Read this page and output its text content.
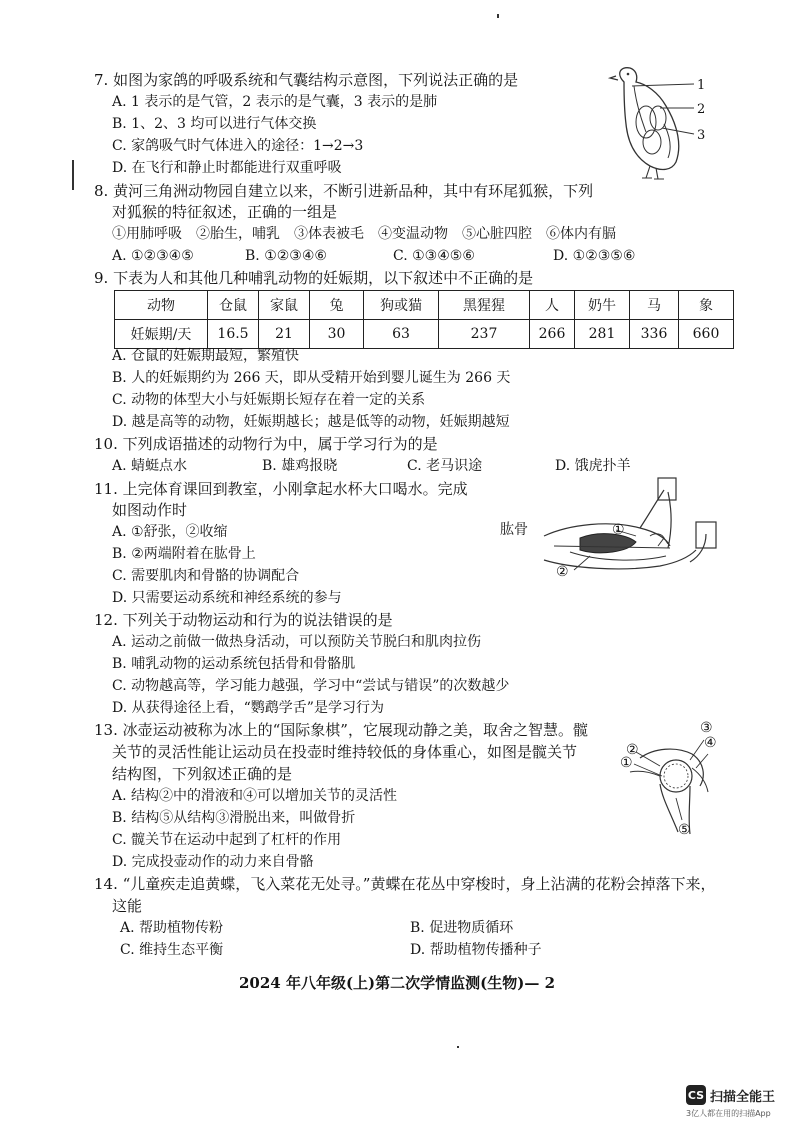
7. 如图为家鸽的呼吸系统和气囊结构示意图，下列说法正确的是
A. 1 表示的是气管，2 表示的是气囊，3 表示的是肺
B. 1、2、3 均可以进行气体交换
C. 家鸽吸气时气体进入的途径：1→2→3
D. 在飞行和静止时都能进行双重呼吸
1
2
3
8. 黄河三角洲动物园自建立以来，不断引进新品种，其中有环尾狐猴，下列
对狐猴的特征叙述，正确的一组是
①用肺呼吸　②胎生，哺乳　③体表被毛　④变温动物　⑤心脏四腔　⑥体内有膈
A. ①②③④⑤	B. ①②③④⑥	C. ①③④⑤⑥	D. ①②③⑤⑥
9. 下表为人和其他几种哺乳动物的妊娠期，以下叙述中不正确的是
动物	仓鼠	家鼠	兔	狗或猫	黑猩猩	人	奶牛	马	象
妊娠期/天	16.5	21	30	63	237	266	281	336	660
A. 仓鼠的妊娠期最短，繁殖快
B. 人的妊娠期约为 266 天，即从受精开始到婴儿诞生为 266 天
C. 动物的体型大小与妊娠期长短存在着一定的关系
D. 越是高等的动物，妊娠期越长；越是低等的动物，妊娠期越短
10. 下列成语描述的动物行为中，属于学习行为的是
A. 蜻蜓点水	B. 雄鸡报晓	C. 老马识途	D. 饿虎扑羊
11. 上完体育课回到教室，小刚拿起水杯大口喝水。完成
如图动作时
A. ①舒张，②收缩
B. ②两端附着在肱骨上
C. 需要肌肉和骨骼的协调配合
D. 只需要运动系统和神经系统的参与
肱骨	①
②
12. 下列关于动物运动和行为的说法错误的是
A. 运动之前做一做热身活动，可以预防关节脱臼和肌肉拉伤
B. 哺乳动物的运动系统包括骨和骨骼肌
C. 动物越高等，学习能力越强，学习中“尝试与错误”的次数越少
D. 从获得途径上看，“鹦鹉学舌”是学习行为
13. 冰壶运动被称为冰上的“国际象棋”，它展现动静之美，取舍之智慧。髋
关节的灵活性能让运动员在投壶时维持较低的身体重心，如图是髋关节
结构图，下列叙述正确的是
A. 结构②中的滑液和④可以增加关节的灵活性
B. 结构⑤从结构③滑脱出来，叫做骨折
C. 髋关节在运动中起到了杠杆的作用
D. 完成投壶动作的动力来自骨骼
③
④
②
①
⑤
14. “儿童疾走追黄蝶，飞入菜花无处寻。”黄蝶在花丛中穿梭时，身上沾满的花粉会掉落下来，
这能
A. 帮助植物传粉	B. 促进物质循环
C. 维持生态平衡	D. 帮助植物传播种子
2024 年八年级(上)第二次学情监测(生物)— 2
CS 扫描全能王
3亿人都在用的扫描App
